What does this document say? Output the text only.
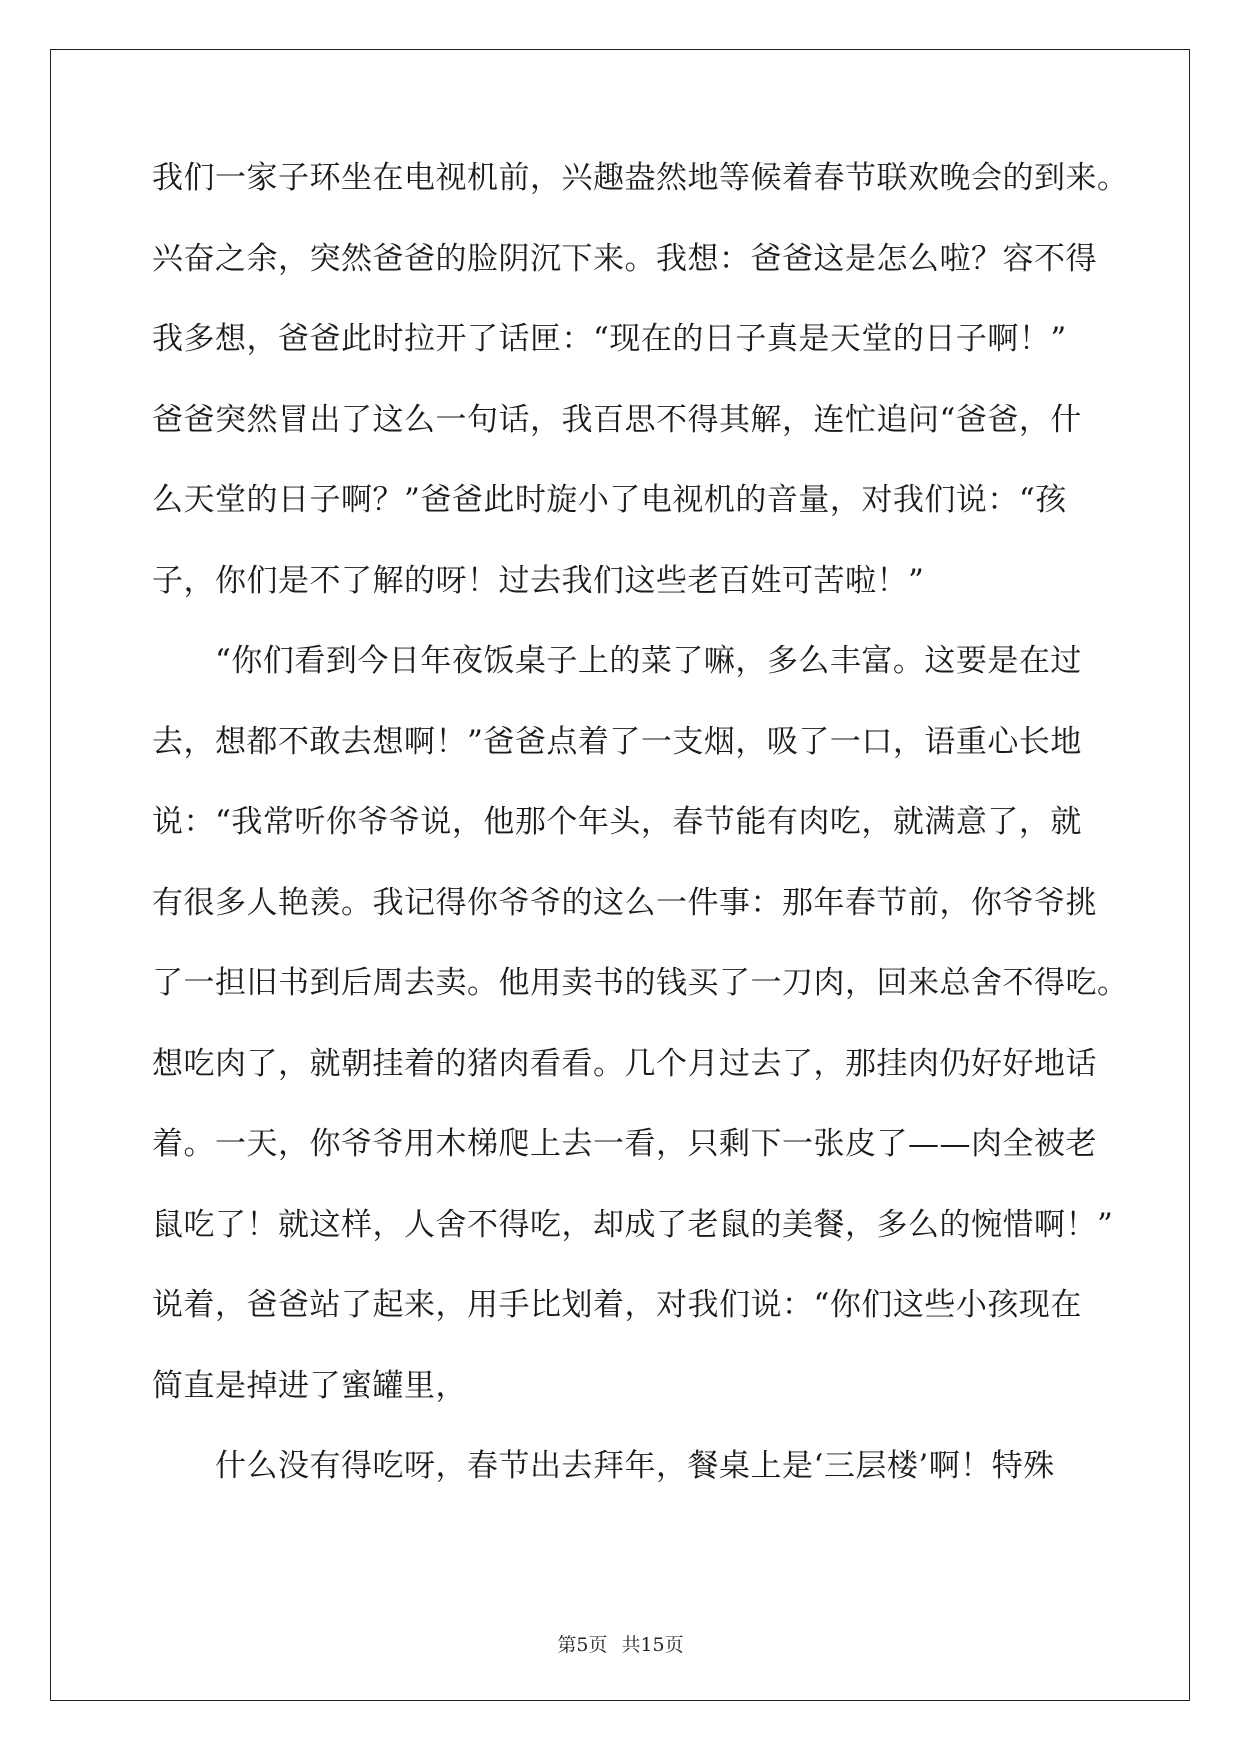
我们一家子环坐在电视机前，兴趣盎然地等候着春节联欢晚会的到来。

兴奋之余，突然爸爸的脸阴沉下来。我想：爸爸这是怎么啦？容不得

我多想，爸爸此时拉开了话匣：“现在的日子真是天堂的日子啊！”

爸爸突然冒出了这么一句话，我百思不得其解，连忙追问“爸爸，什

么天堂的日子啊？”爸爸此时旋小了电视机的音量，对我们说：“孩

子，你们是不了解的呀！过去我们这些老百姓可苦啦！”

　　“你们看到今日年夜饭桌子上的菜了嘛，多么丰富。这要是在过

去，想都不敢去想啊！”爸爸点着了一支烟，吸了一口，语重心长地

说：“我常听你爷爷说，他那个年头，春节能有肉吃，就满意了，就

有很多人艳羡。我记得你爷爷的这么一件事：那年春节前，你爷爷挑

了一担旧书到后周去卖。他用卖书的钱买了一刀肉，回来总舍不得吃。

想吃肉了，就朝挂着的猪肉看看。几个月过去了，那挂肉仍好好地话

着。一天，你爷爷用木梯爬上去一看，只剩下一张皮了——肉全被老

鼠吃了！就这样，人舍不得吃，却成了老鼠的美餐，多么的惋惜啊！”

说着，爸爸站了起来，用手比划着，对我们说：“你们这些小孩现在

简直是掉进了蜜罐里，

　　什么没有得吃呀，春节出去拜年，餐桌上是‘三层楼’啊！特殊

第5页 共15页
